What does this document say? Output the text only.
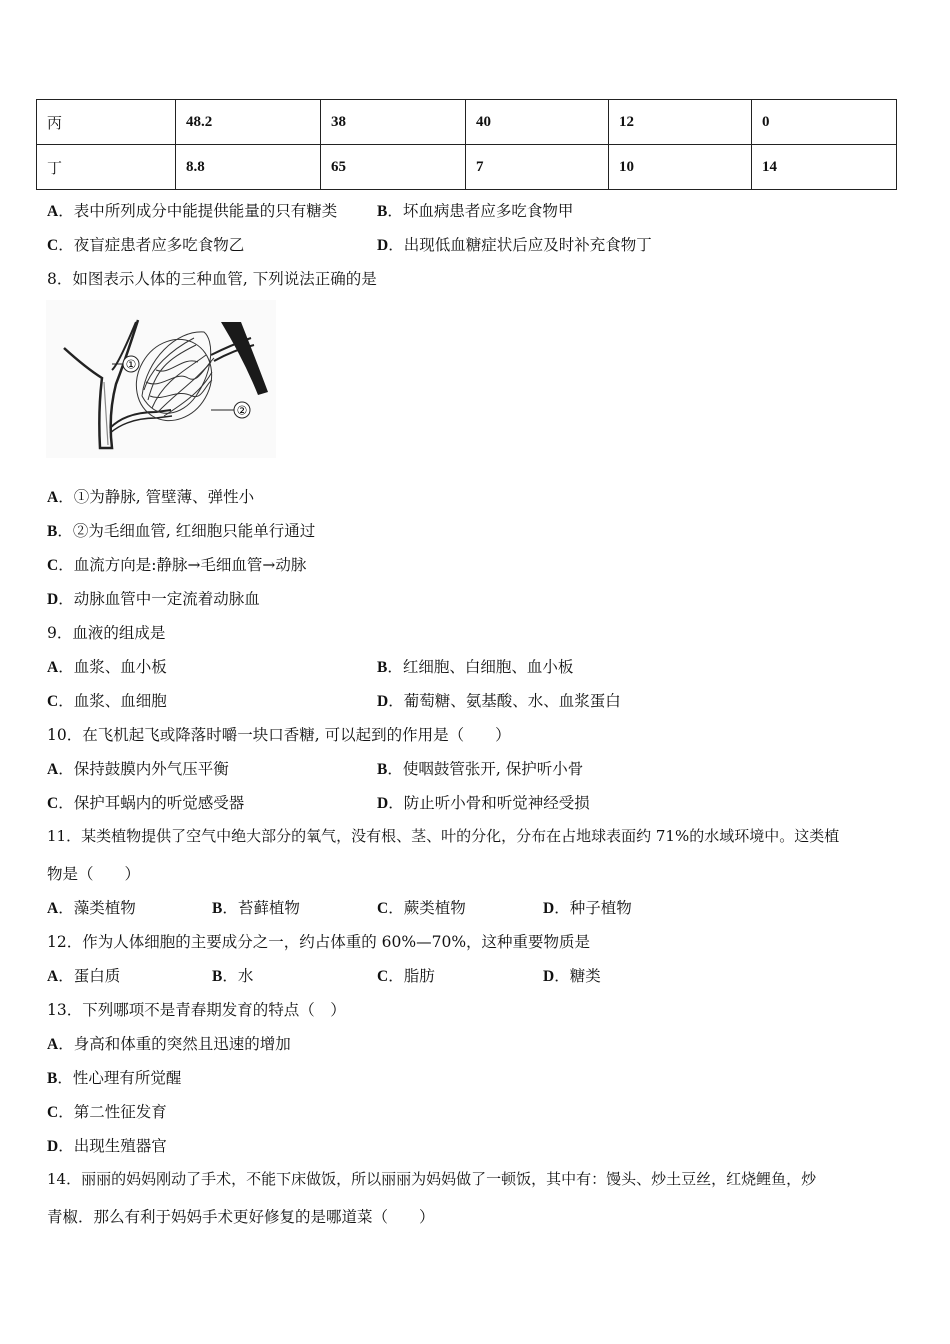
丙	48.2	38	40	12	0
丁	8.8	65	7	10	14
A．表中所列成分中能提供能量的只有糖类	B．坏血病患者应多吃食物甲
C．夜盲症患者应多吃食物乙	D．出现低血糖症状后应及时补充食物丁
8．如图表示人体的三种血管, 下列说法正确的是
①
②
A．①为静脉, 管壁薄、弹性小
B．②为毛细血管, 红细胞只能单行通过
C．血流方向是:静脉→毛细血管→动脉
D．动脉血管中一定流着动脉血
9．血液的组成是
A．血浆、血小板	B．红细胞、白细胞、血小板
C．血浆、血细胞	D．葡萄糖、氨基酸、水、血浆蛋白
10．在飞机起飞或降落时嚼一块口香糖, 可以起到的作用是（　　）
A．保持鼓膜内外气压平衡	B．使咽鼓管张开, 保护听小骨
C．保护耳蜗内的听觉感受器	D．防止听小骨和听觉神经受损
11．某类植物提供了空气中绝大部分的氧气，没有根、茎、叶的分化，分布在占地球表面约 71%的水域环境中。这类植
物是（　　）
A．藻类植物	B．苔藓植物	C．蕨类植物	D．种子植物
12．作为人体细胞的主要成分之一，约占体重的 60%—70%，这种重要物质是
A．蛋白质	B．水	C．脂肪	D．糖类
13．下列哪项不是青春期发育的特点（　）
A．身高和体重的突然且迅速的增加
B．性心理有所觉醒
C．第二性征发育
D．出现生殖器官
14．丽丽的妈妈刚动了手术，不能下床做饭，所以丽丽为妈妈做了一顿饭，其中有：馒头、炒土豆丝，红烧鲤鱼，炒
青椒．那么有利于妈妈手术更好修复的是哪道菜（　　）
